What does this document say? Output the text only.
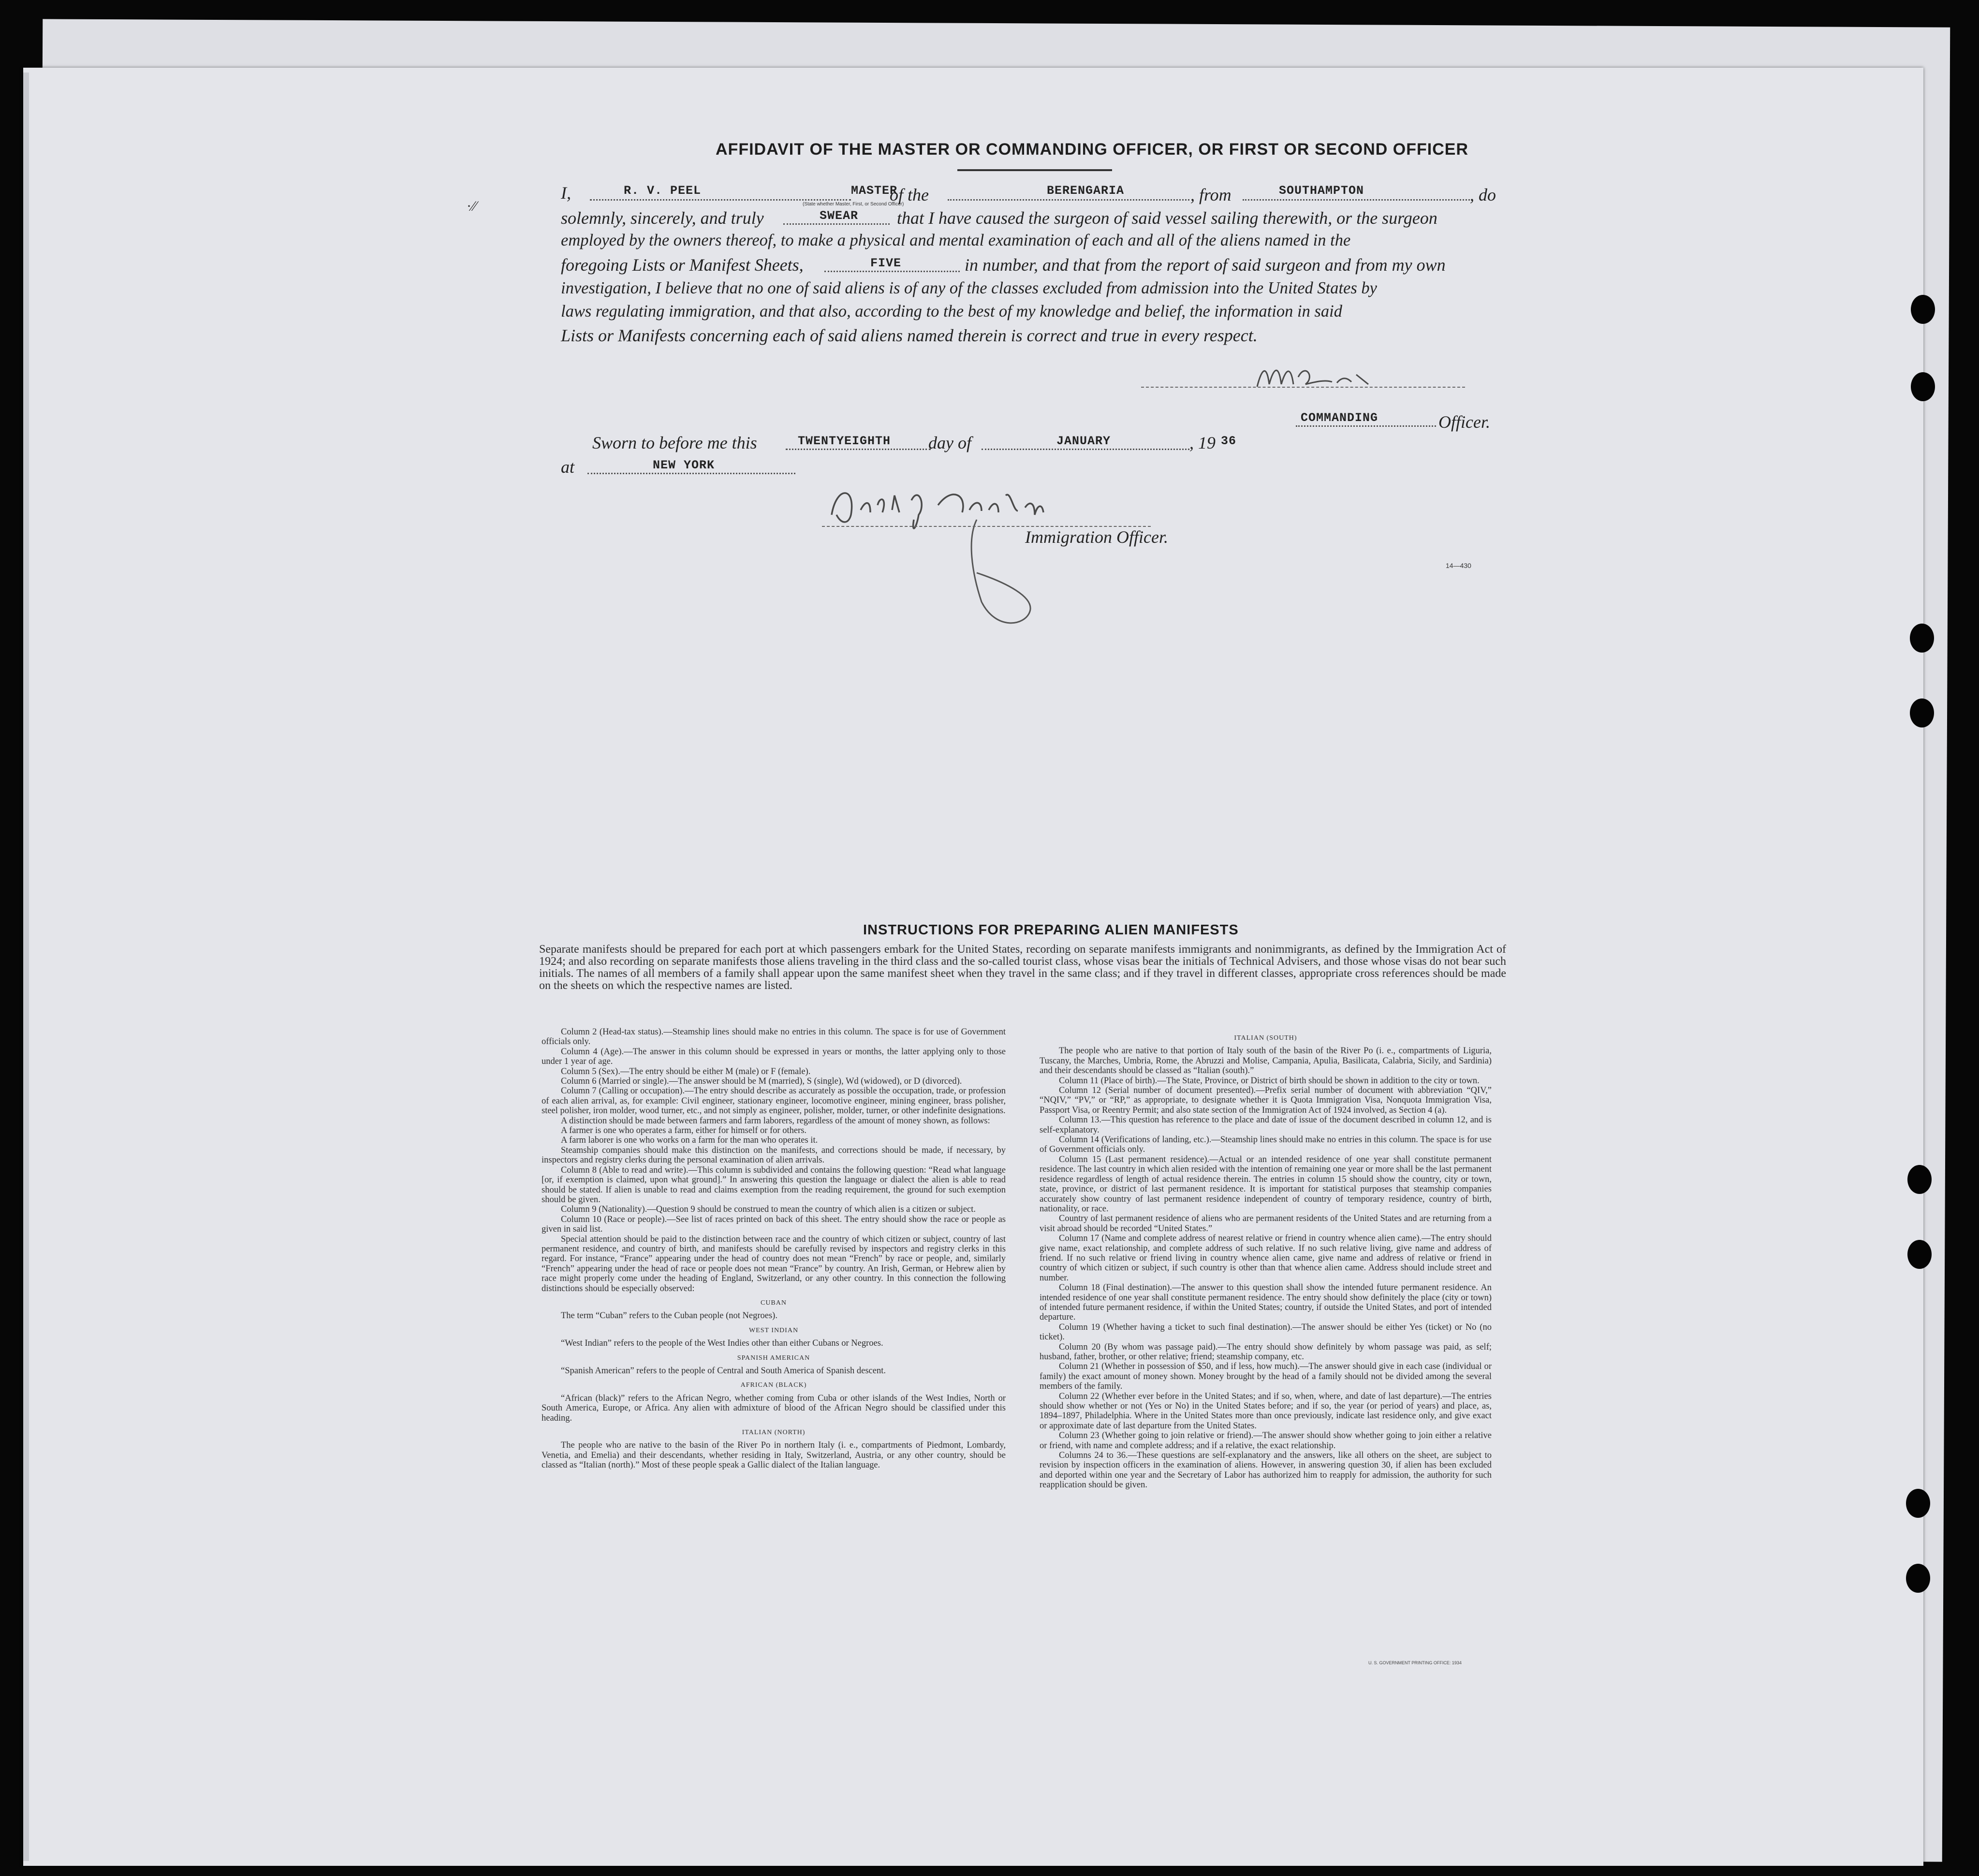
AFFIDAVIT OF THE MASTER OR COMMANDING OFFICER, OR FIRST OR SECOND OFFICER
·⁄⁄
I,	R. V. PEEL	MASTER
(State whether Master, First, or Second Officer)
of the	BERENGARIA	, from	SOUTHAMPTON	, do
solemnly, sincerely, and truly	SWEAR that I have caused the surgeon of said vessel sailing therewith, or the surgeon
employed by the owners thereof, to make a physical and mental examination of each and all of the aliens named in the
foregoing Lists or Manifest Sheets,	FIVE	in number, and that from the report of said surgeon and from my own
investigation, I believe that no one of said aliens is of any of the classes excluded from admission into the United States by
laws regulating immigration, and that also, according to the best of my knowledge and belief, the information in said
Lists or Manifests concerning each of said aliens named therein is correct and true in every respect.
COMMANDING	Officer.
Sworn to before me this	TWENTYEIGHTH day of	JANUARY	, 19 36
at	NEW YORK
Immigration Officer.
14—430
INSTRUCTIONS FOR PREPARING ALIEN MANIFESTS
Separate manifests should be prepared for each port at which passengers embark for the United States, recording on separate manifests immigrants and nonimmigrants, as defined by the Immigration Act of 1924; and also recording on separate manifests those aliens traveling in the third class and the so-called tourist class, whose visas bear the initials of Technical Advisers, and those whose visas do not bear such initials. The names of all members of a family shall appear upon the same manifest sheet when they travel in the same class; and if they travel in different classes, appropriate cross references should be made on the sheets on which the respective names are listed.

Column 2 (Head-tax status).—Steamship lines should make no entries in this column. The space is for use of Government officials only.

Column 4 (Age).—The answer in this column should be expressed in years or months, the latter applying only to those under 1 year of age.

Column 5 (Sex).—The entry should be either M (male) or F (female).

Column 6 (Married or single).—The answer should be M (married), S (single), Wd (widowed), or D (divorced).

Column 7 (Calling or occupation).—The entry should describe as accurately as possible the occupation, trade, or profession of each alien arrival, as, for example: Civil engineer, stationary engineer, locomotive engineer, mining engineer, brass polisher, steel polisher, iron molder, wood turner, etc., and not simply as engineer, polisher, molder, turner, or other indefinite designations.

A distinction should be made between farmers and farm laborers, regardless of the amount of money shown, as follows:

A farmer is one who operates a farm, either for himself or for others.

A farm laborer is one who works on a farm for the man who operates it.

Steamship companies should make this distinction on the manifests, and corrections should be made, if necessary, by inspectors and registry clerks during the personal examination of alien arrivals.

Column 8 (Able to read and write).—This column is subdivided and contains the following question: “Read what language [or, if exemption is claimed, upon what ground].” In answering this question the language or dialect the alien is able to read should be stated. If alien is unable to read and claims exemption from the reading requirement, the ground for such exemption should be given.

Column 9 (Nationality).—Question 9 should be construed to mean the country of which alien is a citizen or subject.

Column 10 (Race or people).—See list of races printed on back of this sheet. The entry should show the race or people as given in said list.

Special attention should be paid to the distinction between race and the country of which citizen or subject, country of last permanent residence, and country of birth, and manifests should be carefully revised by inspectors and registry clerks in this regard. For instance, “France” appearing under the head of country does not mean “French” by race or people, and, similarly “French” appearing under the head of race or people does not mean “France” by country. An Irish, German, or Hebrew alien by race might properly come under the heading of England, Switzerland, or any other country. In this connection the following distinctions should be especially observed:

CUBAN

The term “Cuban” refers to the Cuban people (not Negroes).

WEST INDIAN

“West Indian” refers to the people of the West Indies other than either Cubans or Negroes.

SPANISH AMERICAN

“Spanish American” refers to the people of Central and South America of Spanish descent.

AFRICAN (BLACK)

“African (black)” refers to the African Negro, whether coming from Cuba or other islands of the West Indies, North or South America, Europe, or Africa. Any alien with admixture of blood of the African Negro should be classified under this heading.

ITALIAN (NORTH)

The people who are native to the basin of the River Po in northern Italy (i. e., compartments of Piedmont, Lombardy, Venetia, and Emelia) and their descendants, whether residing in Italy, Switzerland, Austria, or any other country, should be classed as “Italian (north).” Most of these people speak a Gallic dialect of the Italian language.

ITALIAN (SOUTH)

The people who are native to that portion of Italy south of the basin of the River Po (i. e., compartments of Liguria, Tuscany, the Marches, Umbria, Rome, the Abruzzi and Molise, Campania, Apulia, Basilicata, Calabria, Sicily, and Sardinia) and their descendants should be classed as “Italian (south).”

Column 11 (Place of birth).—The State, Province, or District of birth should be shown in addition to the city or town.

Column 12 (Serial number of document presented).—Prefix serial number of document with abbreviation “QIV,” “NQIV,” “PV,” or “RP,” as appropriate, to designate whether it is Quota Immigration Visa, Nonquota Immigration Visa, Passport Visa, or Reentry Permit; and also state section of the Immigration Act of 1924 involved, as Section 4 (a).

Column 13.—This question has reference to the place and date of issue of the document described in column 12, and is self-explanatory.

Column 14 (Verifications of landing, etc.).—Steamship lines should make no entries in this column. The space is for use of Government officials only.

Column 15 (Last permanent residence).—Actual or an intended residence of one year shall constitute permanent residence. The last country in which alien resided with the intention of remaining one year or more shall be the last permanent residence regardless of length of actual residence therein. The entries in column 15 should show the country, city or town, state, province, or district of last permanent residence. It is important for statistical purposes that steamship companies accurately show country of last permanent residence independent of country of temporary residence, country of birth, nationality, or race.

Country of last permanent residence of aliens who are permanent residents of the United States and are returning from a visit abroad should be recorded “United States.”

Column 17 (Name and complete address of nearest relative or friend in country whence alien came).—The entry should give name, exact relationship, and complete address of such relative. If no such relative living, give name and address of friend. If no such relative or friend living in country whence alien came, give name and address of relative or friend in country of which citizen or subject, if such country is other than that whence alien came. Address should include street and number.

Column 18 (Final destination).—The answer to this question shall show the intended future permanent residence. An intended residence of one year shall constitute permanent residence. The entry should show definitely the place (city or town) of intended future permanent residence, if within the United States; country, if outside the United States, and port of intended departure.

Column 19 (Whether having a ticket to such final destination).—The answer should be either Yes (ticket) or No (no ticket).

Column 20 (By whom was passage paid).—The entry should show definitely by whom passage was paid, as self; husband, father, brother, or other relative; friend; steamship company, etc.

Column 21 (Whether in possession of $50, and if less, how much).—The answer should give in each case (individual or family) the exact amount of money shown. Money brought by the head of a family should not be divided among the several members of the family.

Column 22 (Whether ever before in the United States; and if so, when, where, and date of last departure).—The entries should show whether or not (Yes or No) in the United States before; and if so, the year (or period of years) and place, as, 1894–1897, Philadelphia. Where in the United States more than once previously, indicate last residence only, and give exact or approximate date of last departure from the United States.

Column 23 (Whether going to join relative or friend).—The answer should show whether going to join either a relative or friend, with name and complete address; and if a relative, the exact relationship.

Columns 24 to 36.—These questions are self-explanatory and the answers, like all others on the sheet, are subject to revision by inspection officers in the examination of aliens. However, in answering question 30, if alien has been excluded and deported within one year and the Secretary of Labor has authorized him to reapply for admission, the authority for such reapplication should be given.

U. S. GOVERNMENT PRINTING OFFICE: 1934
